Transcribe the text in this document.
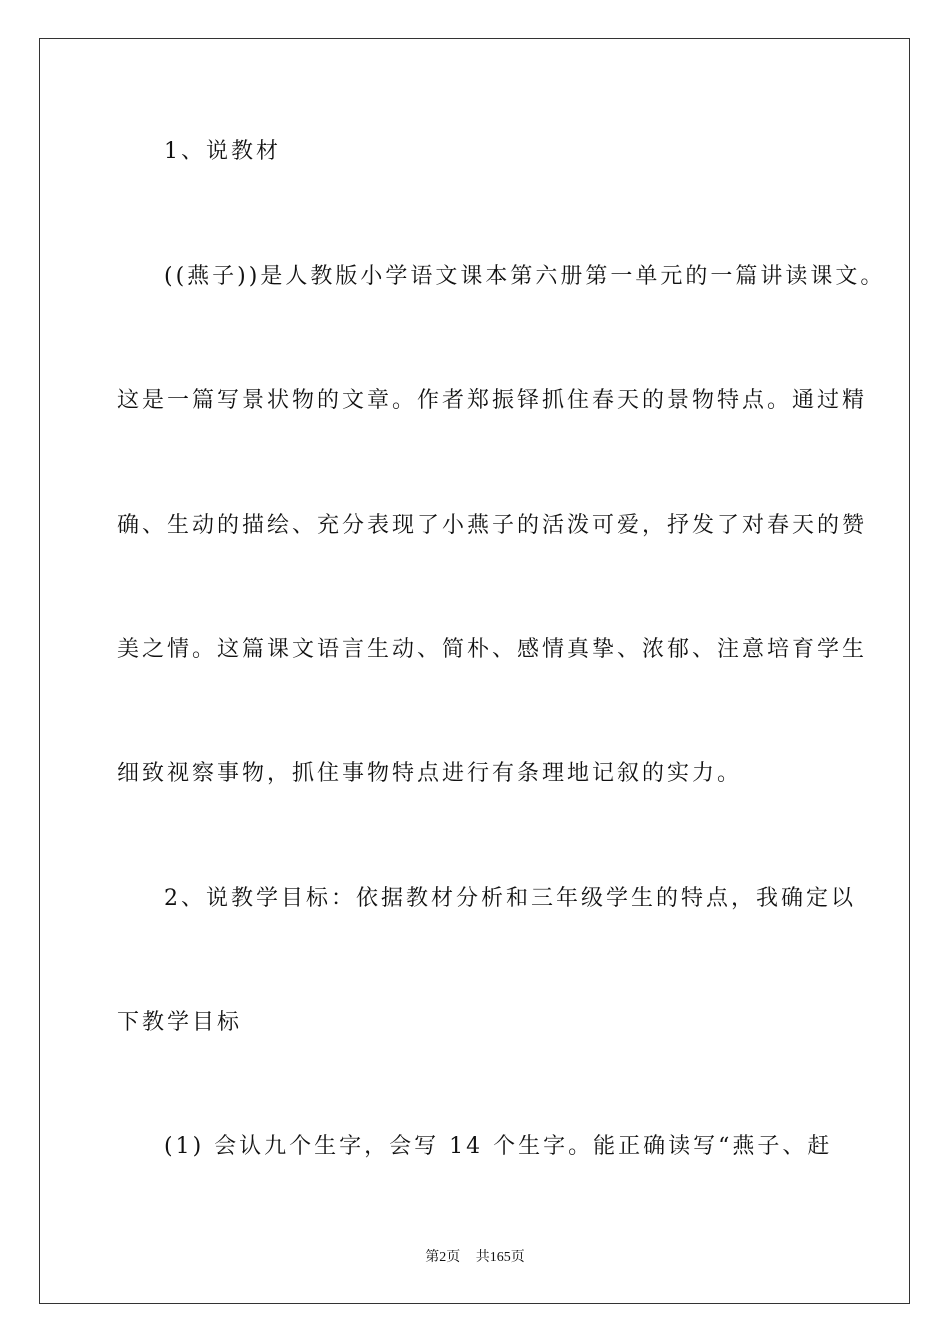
1、说教材
((燕子))是人教版小学语文课本第六册第一单元的一篇讲读课文。
这是一篇写景状物的文章。作者郑振铎抓住春天的景物特点。通过精
确、生动的描绘、充分表现了小燕子的活泼可爱，抒发了对春天的赞
美之情。这篇课文语言生动、简朴、感情真挚、浓郁、注意培育学生
细致视察事物，抓住事物特点进行有条理地记叙的实力。
2、说教学目标：依据教材分析和三年级学生的特点，我确定以
下教学目标
(1) 会认九个生字，会写 14 个生字。能正确读写“燕子、赶
第2页 共165页
